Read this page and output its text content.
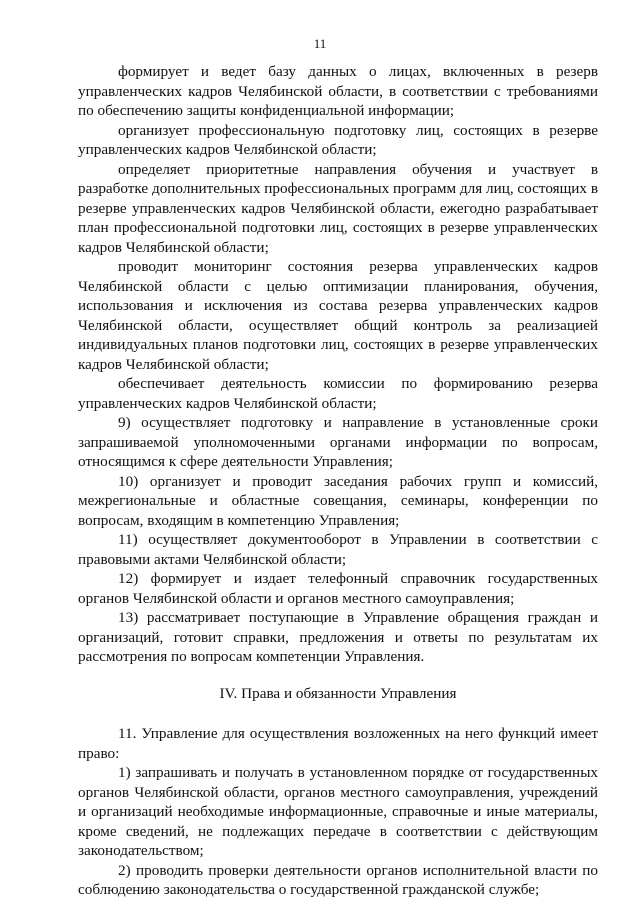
11

формирует и ведет базу данных о лицах, включенных в резерв управленческих кадров Челябинской области, в соответствии с требованиями по обеспечению защиты конфиденциальной информации;

организует профессиональную подготовку лиц, состоящих в резерве управленческих кадров Челябинской области;

определяет приоритетные направления обучения и участвует в разработке дополнительных профессиональных программ для лиц, состоящих в резерве управленческих кадров Челябинской области, ежегодно разрабатывает план профессиональной подготовки лиц, состоящих в резерве управленческих кадров Челябинской области;

проводит мониторинг состояния резерва управленческих кадров Челябинской области с целью оптимизации планирования, обучения, использования и исключения из состава резерва управленческих кадров Челябинской области, осуществляет общий контроль за реализацией индивидуальных планов подготовки лиц, состоящих в резерве управленческих кадров Челябинской области;

обеспечивает деятельность комиссии по формированию резерва управленческих кадров Челябинской области;

9) осуществляет подготовку и направление в установленные сроки запрашиваемой уполномоченными органами информации по вопросам, относящимся к сфере деятельности Управления;

10) организует и проводит заседания рабочих групп и комиссий, межрегиональные и областные совещания, семинары, конференции по вопросам, входящим в компетенцию Управления;

11) осуществляет документооборот в Управлении в соответствии с правовыми актами Челябинской области;

12) формирует и издает телефонный справочник государственных органов Челябинской области и органов местного самоуправления;

13) рассматривает поступающие в Управление обращения граждан и организаций, готовит справки, предложения и ответы по результатам их рассмотрения по вопросам компетенции Управления.

IV. Права и обязанности Управления

11. Управление для осуществления возложенных на него функций имеет право:

1) запрашивать и получать в установленном порядке от государственных органов Челябинской области, органов местного самоуправления, учреждений и организаций необходимые информационные, справочные и иные материалы, кроме сведений, не подлежащих передаче в соответствии с действующим законодательством;

2) проводить проверки деятельности органов исполнительной власти по соблюдению законодательства о государственной гражданской службе;
